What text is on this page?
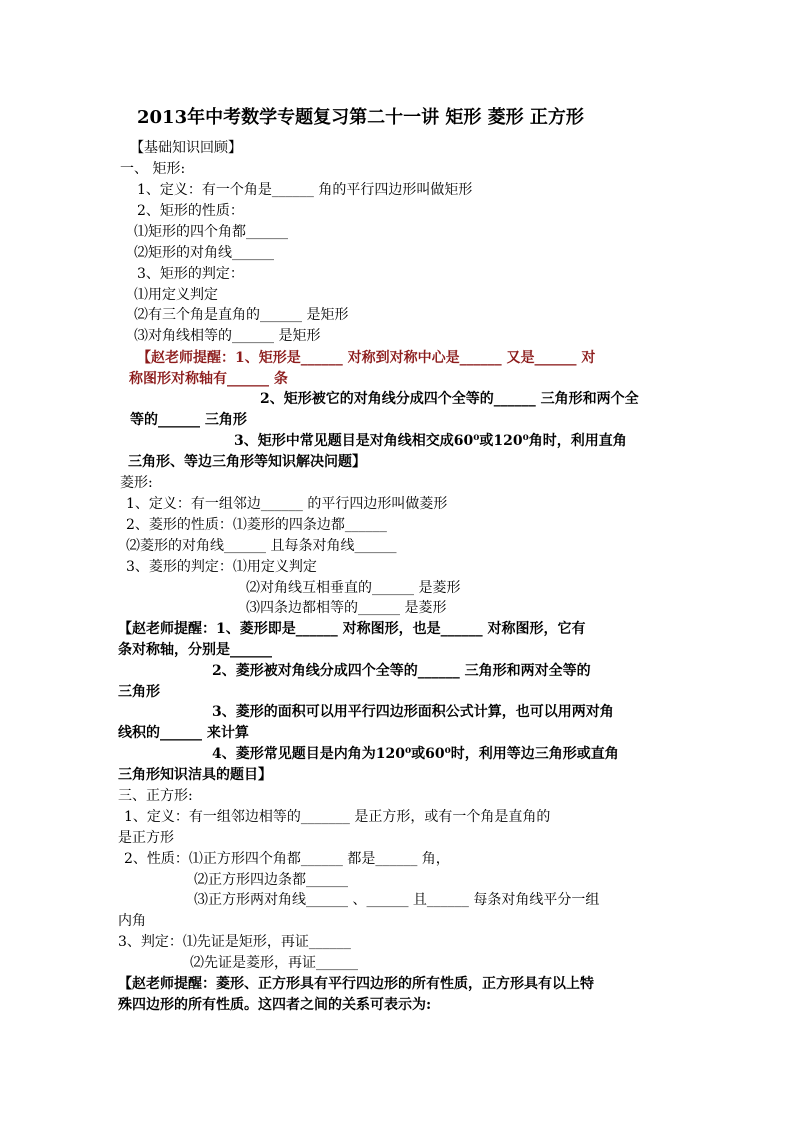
2013年中考数学专题复习第二十一讲 矩形 菱形 正方形
【基础知识回顾】
一、 矩形:
1、定义：有一个角是______ 角的平行四边形叫做矩形
2、矩形的性质：
⑴矩形的四个角都______
⑵矩形的对角线______
3、矩形的判定：
⑴用定义判定
⑵有三个角是直角的______ 是矩形
⑶对角线相等的______ 是矩形
【赵老师提醒：1、矩形是______ 对称到对称中心是______ 又是______ 对
称图形对称轴有______ 条
2、矩形被它的对角线分成四个全等的______ 三角形和两个全
等的______ 三角形
3、矩形中常见题目是对角线相交成60⁰或120⁰角时，利用直角
三角形、等边三角形等知识解决问题】
菱形:
1、定义：有一组邻边______ 的平行四边形叫做菱形
2、菱形的性质：⑴菱形的四条边都______
⑵菱形的对角线______ 且每条对角线______
3、菱形的判定：⑴用定义判定
⑵对角线互相垂直的______ 是菱形
⑶四条边都相等的______ 是菱形
【赵老师提醒：1、菱形即是______ 对称图形，也是______ 对称图形，它有
条对称轴，分别是______
2、菱形被对角线分成四个全等的______ 三角形和两对全等的
三角形
3、菱形的面积可以用平行四边形面积公式计算，也可以用两对角
线积的______ 来计算
4、菱形常见题目是内角为120⁰或60⁰时，利用等边三角形或直角
三角形知识洁具的题目】
三、正方形:
1、定义：有一组邻边相等的_______ 是正方形，或有一个角是直角的
是正方形
2、性质：⑴正方形四个角都______ 都是______ 角，
⑵正方形四边条都______
⑶正方形两对角线______ 、______ 且______ 每条对角线平分一组
内角
3、判定：⑴先证是矩形，再证______
⑵先证是菱形，再证______
【赵老师提醒：菱形、正方形具有平行四边形的所有性质，正方形具有以上特
殊四边形的所有性质。这四者之间的关系可表示为:
